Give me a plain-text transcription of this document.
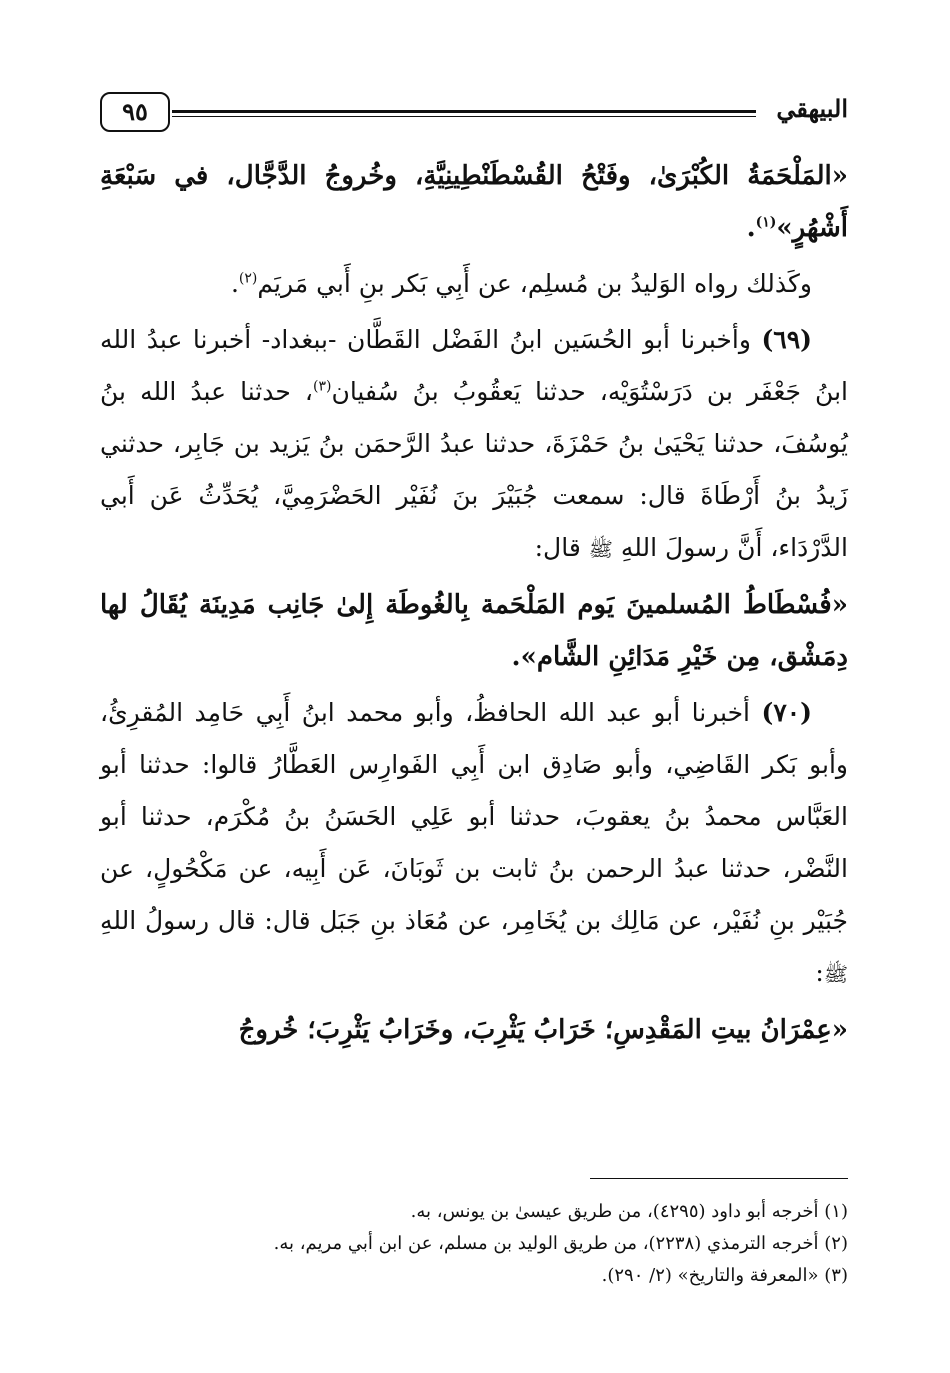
البيهقي
٩٥

«المَلْحَمَةُ الكُبْرَىٰ، وفَتْحُ القُسْطَنْطِينِيَّةِ، وخُروجُ الدَّجَّال، في سَبْعَةِ أَشْهُرٍ»$^{(١)}$.

وكَذلك رواه الوَليدُ بن مُسلِم، عن أَبِي بَكر بنِ أَبي مَريَم$^{(٢)}$.

(٦٩) وأخبرنا أبو الحُسَين ابنُ الفَضْل القَطَّان -ببغداد- أخبرنا عبدُ الله ابنُ جَعْفَر بن دَرَسْتُوَيْه، حدثنا يَعقُوبُ بنُ سُفيان$^{(٣)}$، حدثنا عبدُ الله بنُ يُوسُفَ، حدثنا يَحْيَىٰ بنُ حَمْزَةَ، حدثنا عبدُ الرَّحمَن بنُ يَزيد بن جَابِر، حدثني زَيدُ بنُ أَرْطَاةَ قال: سمعت جُبَيْرَ بنَ نُفَيْر الحَضْرَمِيَّ، يُحَدِّثُ عَن أَبي الدَّرْدَاء، أَنَّ رسولَ اللهِ ﷺ قال:

«فُسْطَاطُ المُسلمينَ يَوم المَلْحَمة بِالغُوطَة إِلىٰ جَانِب مَدِينَة يُقَالُ لها دِمَشْق، مِن خَيْرِ مَدَائِنِ الشَّام».

(٧٠) أخبرنا أبو عبد الله الحافظُ، وأبو محمد ابنُ أَبِي حَامِد المُقرِئُ، وأبو بَكر القَاضِي، وأبو صَادِق ابن أَبِي الفَوارِس العَطَّارُ قالوا: حدثنا أبو العَبَّاس محمدُ بنُ يعقوبَ، حدثنا أبو عَلِي الحَسَنُ بنُ مُكْرَم، حدثنا أبو النَّضْر، حدثنا عبدُ الرحمن بنُ ثابت بن ثَوبَانَ، عَن أَبِيه، عن مَكْحُولٍ، عن جُبَيْر بنِ نُفَيْر، عن مَالِك بن يُخَامِر، عن مُعَاذ بنِ جَبَل قال: قال رسولُ اللهِ ﷺ:

«عِمْرَانُ بيتِ المَقْدِسِ؛ خَرَابُ يَثْرِبَ، وخَرَابُ يَثْرِبَ؛ خُروجُ

(١) أخرجه أبو داود (٤٢٩٥)، من طريق عيسىٰ بن يونس، به.

(٢) أخرجه الترمذي (٢٢٣٨)، من طريق الوليد بن مسلم، عن ابن أبي مريم، به.

(٣) «المعرفة والتاريخ» (٢/ ٢٩٠).
